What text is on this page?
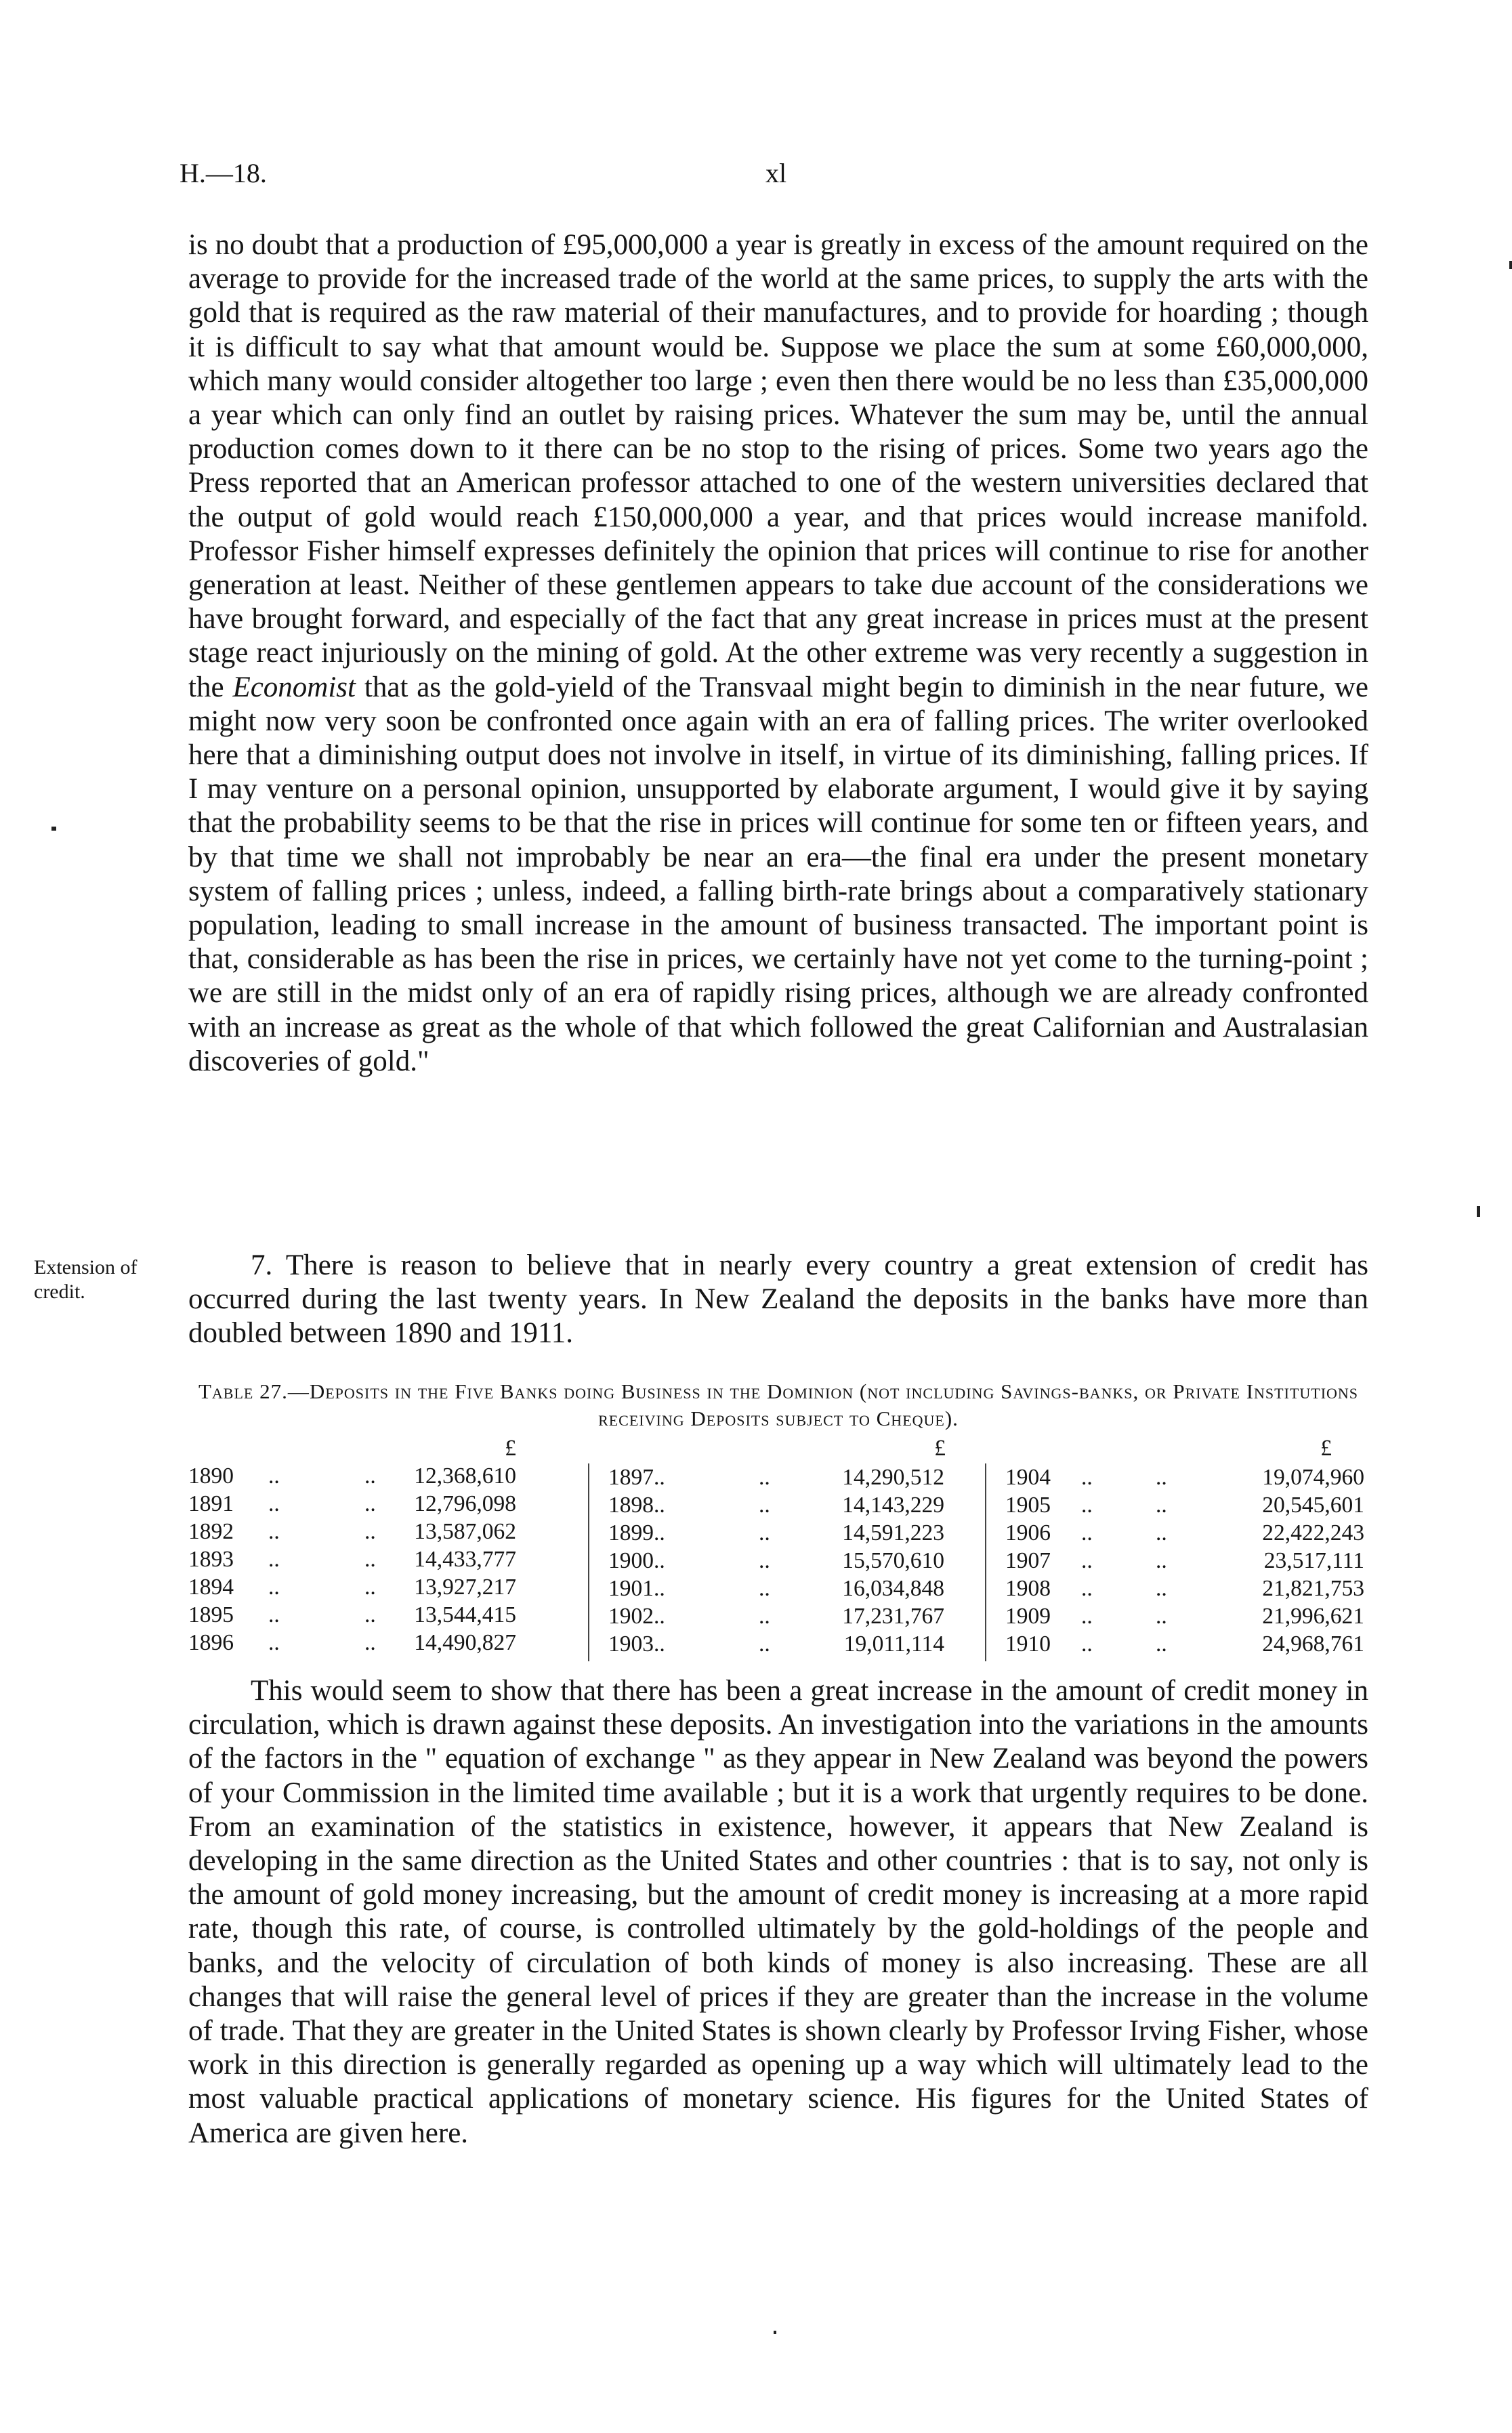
H.—18.	xl
is no doubt that a production of £95,000,000 a year is greatly in excess of the amount required on the average to provide for the increased trade of the world at the same prices, to supply the arts with the gold that is required as the raw material of their manufactures, and to provide for hoarding ; though it is difficult to say what that amount would be. Suppose we place the sum at some £60,000,000, which many would consider altogether too large ; even then there would be no less than £35,000,000 a year which can only find an outlet by raising prices. Whatever the sum may be, until the annual production comes down to it there can be no stop to the rising of prices. Some two years ago the Press reported that an American professor attached to one of the western universities declared that the output of gold would reach £150,000,000 a year, and that prices would increase manifold. Professor Fisher himself expresses definitely the opinion that prices will continue to rise for another generation at least. Neither of these gentlemen appears to take due account of the considerations we have brought forward, and especially of the fact that any great increase in prices must at the present stage react injuriously on the mining of gold. At the other extreme was very recently a suggestion in the Economist that as the gold-yield of the Transvaal might begin to diminish in the near future, we might now very soon be confronted once again with an era of falling prices. The writer overlooked here that a diminishing output does not involve in itself, in virtue of its diminishing, falling prices. If I may venture on a personal opinion, unsupported by elaborate argument, I would give it by saying that the probability seems to be that the rise in prices will continue for some ten or fifteen years, and by that time we shall not improbably be near an era—the final era under the present monetary system of falling prices ; unless, indeed, a falling birth-rate brings about a comparatively stationary population, leading to small increase in the amount of business transacted. The important point is that, considerable as has been the rise in prices, we certainly have not yet come to the turning-point ; we are still in the midst only of an era of rapidly rising prices, although we are already confronted with an increase as great as the whole of that which followed the great Californian and Australasian discoveries of gold."
Extension of credit.
7. There is reason to believe that in nearly every country a great extension of credit has occurred during the last twenty years. In New Zealand the deposits in the banks have more than doubled between 1890 and 1911.
Table 27.—Deposits in the Five Banks doing Business in the Dominion (not including Savings-banks, or Private Institutions receiving Deposits subject to Cheque).
£
1890 ..	.. 12,368,610
1891 ..	.. 12,796,098
1892 ..	.. 13,587,062
1893 ..	.. 14,433,777
1894 ..	.. 13,927,217
1895 ..	.. 13,544,415
1896 ..	.. 14,490,827
£
1897..	..	14,290,512
1898..	..	14,143,229
1899..	..	14,591,223
1900..	..	15,570,610
1901..	..	16,034,848
1902..	..	17,231,767
1903..	..	19,011,114
£
1904 ..	..	19,074,960
1905 ..	..	20,545,601
1906 ..	..	22,422,243
1907 ..	..	23,517,111
1908 ..	..	21,821,753
1909 ..	..	21,996,621
1910 ..	..	24,968,761
This would seem to show that there has been a great increase in the amount of credit money in circulation, which is drawn against these deposits. An investigation into the variations in the amounts of the factors in the " equation of exchange " as they appear in New Zealand was beyond the powers of your Commission in the limited time available ; but it is a work that urgently requires to be done. From an examination of the statistics in existence, however, it appears that New Zealand is developing in the same direction as the United States and other countries : that is to say, not only is the amount of gold money increasing, but the amount of credit money is increasing at a more rapid rate, though this rate, of course, is controlled ultimately by the gold-holdings of the people and banks, and the velocity of circulation of both kinds of money is also increasing. These are all changes that will raise the general level of prices if they are greater than the increase in the volume of trade. That they are greater in the United States is shown clearly by Professor Irving Fisher, whose work in this direction is generally regarded as opening up a way which will ultimately lead to the most valuable practical applications of monetary science. His figures for the United States of America are given here.
